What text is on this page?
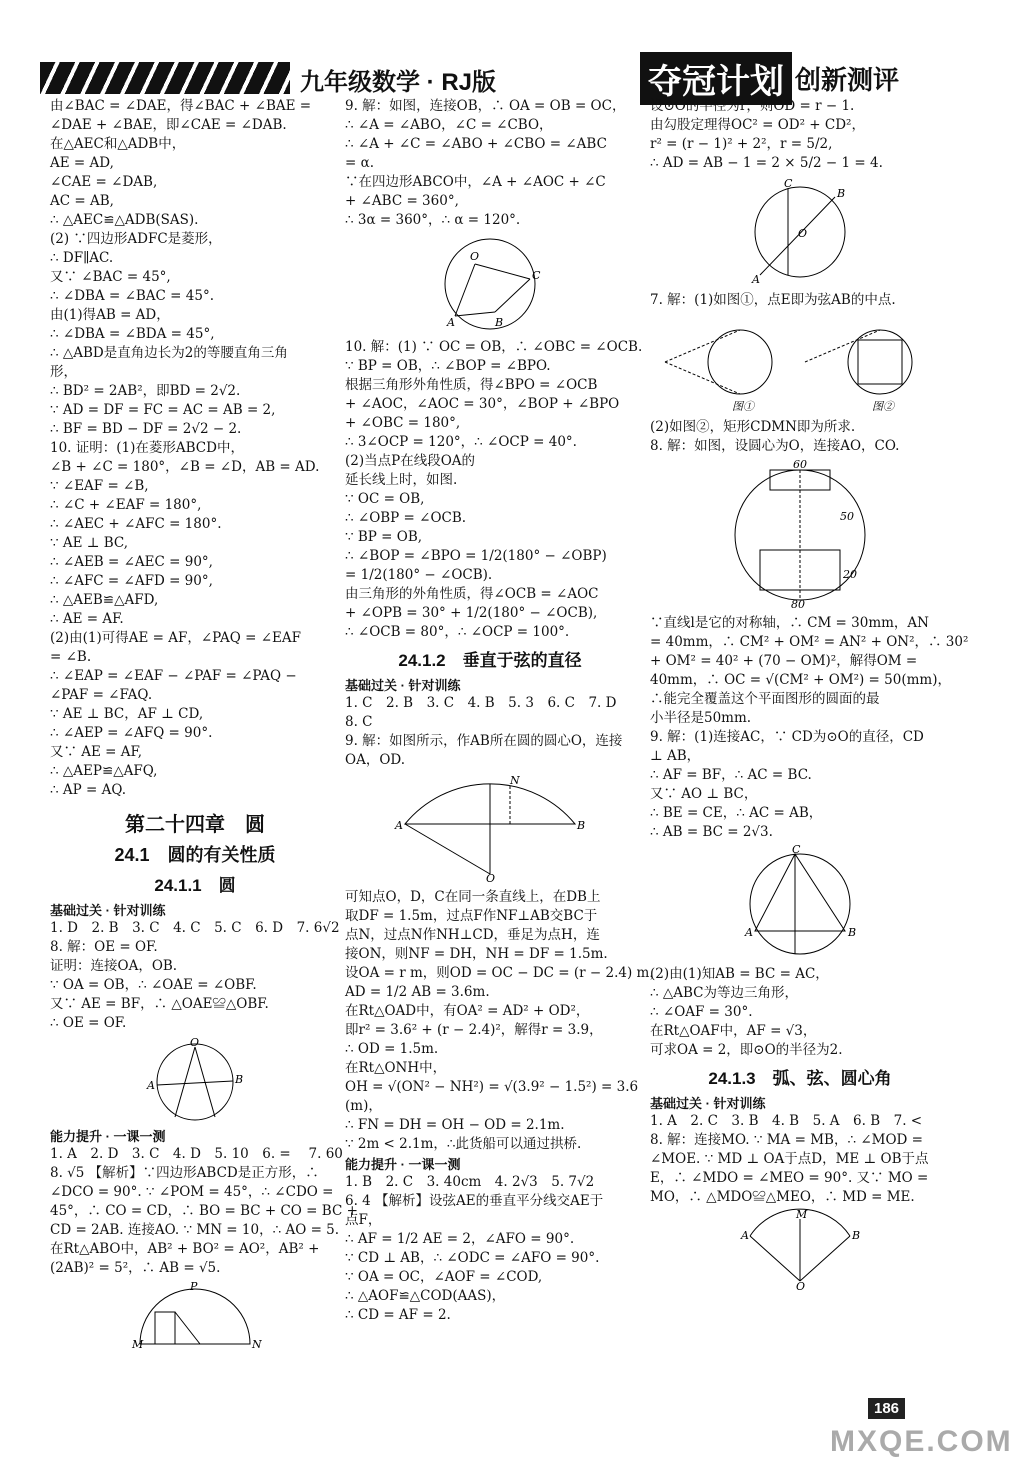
九年级数学 · RJ版	夺冠计划 创新测评

由∠BAC = ∠DAE，得∠BAC + ∠BAE =

∠DAE + ∠BAE，即∠CAE = ∠DAB.

在△AEC和△ADB中，

AE = AD,

∠CAE = ∠DAB,

AC = AB,

∴ △AEC≌△ADB(SAS).

(2) ∵四边形ADFC是菱形，

∴ DF∥AC.

又∵ ∠BAC = 45°,

∴ ∠DBA = ∠BAC = 45°.

由(1)得AB = AD，

∴ ∠DBA = ∠BDA = 45°,

∴ △ABD是直角边长为2的等腰直角三角

形，

∴ BD² = 2AB²，即BD = 2√2.

∵ AD = DF = FC = AC = AB = 2,

∴ BF = BD − DF = 2√2 − 2.

10. 证明：(1)在菱形ABCD中，

∠B + ∠C = 180°，∠B = ∠D，AB = AD.

∵ ∠EAF = ∠B,

∴ ∠C + ∠EAF = 180°,

∴ ∠AEC + ∠AFC = 180°.

∵ AE ⊥ BC,

∴ ∠AEB = ∠AEC = 90°,

∴ ∠AFC = ∠AFD = 90°,

∴ △AEB≌△AFD,

∴ AE = AF.

(2)由(1)可得AE = AF，∠PAQ = ∠EAF

= ∠B.

∴ ∠EAP = ∠EAF − ∠PAF = ∠PAQ −

∠PAF = ∠FAQ.

∵ AE ⊥ BC，AF ⊥ CD,

∴ ∠AEP = ∠AFQ = 90°.

又∵ AE = AF,

∴ △AEP≌△AFQ,

∴ AP = AQ.

第二十四章　圆
24.1　圆的有关性质
24.1.1　圆
基础过关 · 针对训练

1. D　2. B　3. C　4. C　5. C　6. D　7. 6√2

8. 解：OE = OF.

证明：连接OA，OB.

∵ OA = OB，∴ ∠OAE = ∠OBF.

又∵ AE = BF，∴ △OAE≌△OBF.

∴ OE = OF.

O
A	B
能力提升 · 一课一测

1. A　2. D　3. C　4. D　5. 10　6. = 　7. 60

8. √5 【解析】∵四边形ABCD是正方形，∴

∠DCO = 90°. ∵ ∠POM = 45°，∴ ∠CDO =

45°，∴ CO = CD，∴ BO = BC + CO = BC +

CD = 2AB. 连接AO. ∵ MN = 10，∴ AO = 5.

在Rt△ABO中，AB² + BO² = AO²，AB² +

(2AB)² = 5²，∴ AB = √5.

M	N
P

9. 解：如图，连接OB，∴ OA = OB = OC，

∴ ∠A = ∠ABO，∠C = ∠CBO，

∴ ∠A + ∠C = ∠ABO + ∠CBO = ∠ABC

= α.

∵在四边形ABCO中，∠A + ∠AOC + ∠C

+ ∠ABC = 360°,

∴ 3α = 360°，∴ α = 120°.

O
C
A	B

10. 解：(1) ∵ OC = OB，∴ ∠OBC = ∠OCB.

∵ BP = OB，∴ ∠BOP = ∠BPO.

根据三角形外角性质，得∠BPO = ∠OCB

+ ∠AOC，∠AOC = 30°，∠BOP + ∠BPO

+ ∠OBC = 180°,

∴ 3∠OCP = 120°，∴ ∠OCP = 40°.

(2)当点P在线段OA的

延长线上时，如图.

∵ OC = OB,

∴ ∠OBP = ∠OCB.

∵ BP = OB,

∴ ∠BOP = ∠BPO = 1/2(180° − ∠OBP)

= 1/2(180° − ∠OCB).

由三角形的外角性质，得∠OCB = ∠AOC

+ ∠OPB = 30° + 1/2(180° − ∠OCB),

∴ ∠OCB = 80°，∴ ∠OCP = 100°.

24.1.2　垂直于弦的直径
基础过关 · 针对训练

1. C　2. B　3. C　4. B　5. 3　6. C　7. D

8. C

9. 解：如图所示，作AB所在圆的圆心O，连接

OA，OD.

A	B
O
N

可知点O，D，C在同一条直线上，在DB上

取DF = 1.5m，过点F作NF⊥AB交BC于

点N，过点N作NH⊥CD，垂足为点H，连

接ON，则NF = DH，NH = DF = 1.5m.

设OA = r m，则OD = OC − DC = (r − 2.4) m，

AD = 1/2 AB = 3.6m.

在Rt△OAD中，有OA² = AD² + OD²，

即r² = 3.6² + (r − 2.4)²，解得r = 3.9，

∴ OD = 1.5m.

在Rt△ONH中，

OH = √(ON² − NH²) = √(3.9² − 1.5²) = 3.6

(m)，

∴ FN = DH = OH − OD = 2.1m.

∵ 2m < 2.1m，∴此货船可以通过拱桥.

能力提升 · 一课一测

1. B　2. C　3. 40cm　4. 2√3　5. 7√2

6. 4 【解析】设弦AE的垂直平分线交AE于

点F，

∴ AF = 1/2 AE = 2，∠AFO = 90°.

∵ CD ⊥ AB，∴ ∠ODC = ∠AFO = 90°.

∵ OA = OC，∠AOF = ∠COD,

∴ △AOF≌△COD(AAS)，

∴ CD = AF = 2.

设⊙O的半径为r，则OD = r − 1.

由勾股定理得OC² = OD² + CD²，

r² = (r − 1)² + 2²，r = 5/2,

∴ AD = AB − 1 = 2 × 5/2 − 1 = 4.

C
B
A
O

7. 解：(1)如图①，点E即为弦AB的中点.

图①	图②

(2)如图②，矩形CDMN即为所求.

8. 解：如图，设圆心为O，连接AO，CO.

60
50
20
80

∵直线l是它的对称轴，∴ CM = 30mm，AN

= 40mm，∴ CM² + OM² = AN² + ON²，∴ 30²

+ OM² = 40² + (70 − OM)²，解得OM =

40mm，∴ OC = √(CM² + OM²) = 50(mm)，

∴能完全覆盖这个平面图形的圆面的最

小半径是50mm.

9. 解：(1)连接AC，∵ CD为⊙O的直径，CD

⊥ AB，

∴ AF = BF，∴ AC = BC.

又∵ AO ⊥ BC，

∴ BE = CE，∴ AC = AB，

∴ AB = BC = 2√3.

C
A	B

(2)由(1)知AB = BC = AC，

∴ △ABC为等边三角形，

∴ ∠OAF = 30°.

在Rt△OAF中，AF = √3，

可求OA = 2，即⊙O的半径为2.

24.1.3　弧、弦、圆心角
基础过关 · 针对训练

1. A　2. C　3. B　4. B　5. A　6. B　7. <

8. 解：连接MO. ∵ MA = MB，∴ ∠MOD =

∠MOE. ∵ MD ⊥ OA于点D，ME ⊥ OB于点

E，∴ ∠MDO = ∠MEO = 90°. 又∵ MO =

MO，∴ △MDO≌△MEO，∴ MD = ME.

M
A	B
O
186
MXQE.COM
